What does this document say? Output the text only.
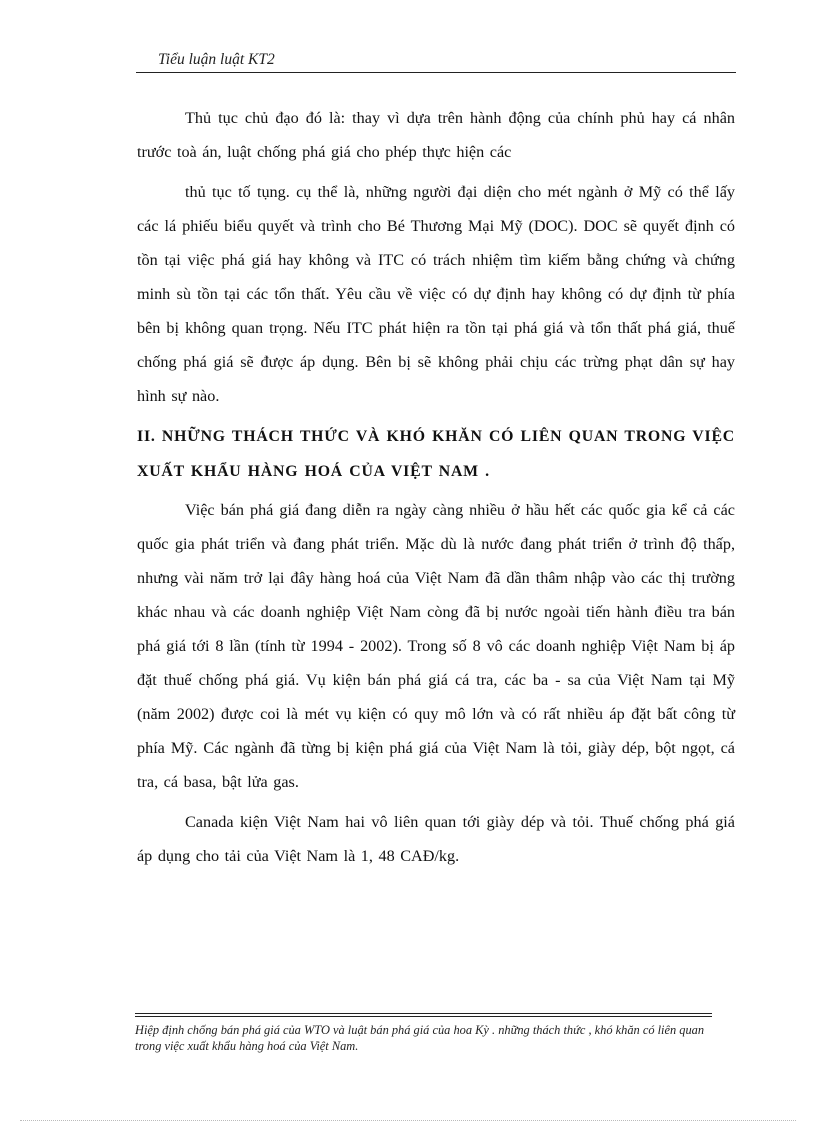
Tiểu luận luật KT2

Thủ tục chủ đạo đó là: thay vì dựa trên hành động của chính phủ hay cá nhân trước toà án, luật chống phá giá cho phép thực hiện các

thủ tục tố tụng. cụ thể là, những người đại diện cho mét ngành ở Mỹ có thể lấy các lá phiếu biểu quyết và trình cho Bé Thương Mại Mỹ (DOC). DOC sẽ quyết định có tồn tại việc phá giá hay không và ITC có trách nhiệm tìm kiếm bằng chứng và chứng minh sù tồn tại các tổn thất. Yêu cầu về việc có dự định hay không có dự định từ phía bên bị không quan trọng. Nếu ITC phát hiện ra tồn tại phá giá và tổn thất phá giá, thuế chống phá giá sẽ được áp dụng. Bên bị sẽ không phải chịu các trừng phạt dân sự hay hình sự nào.

II. NHỮNG THÁCH THỨC VÀ KHÓ KHĂN CÓ LIÊN QUAN TRONG VIỆC XUẤT KHẨU HÀNG HOÁ CỦA VIỆT NAM .

Việc bán phá giá đang diễn ra ngày càng nhiều ở hầu hết các quốc gia kể cả các quốc gia phát triển và đang phát triển. Mặc dù là nước đang phát triển ở trình độ thấp, nhưng vài năm trở lại đây hàng hoá của Việt Nam đã dần thâm nhập vào các thị trường khác nhau và các doanh nghiệp Việt Nam còng đã bị nước ngoài tiến hành điều tra bán phá giá tới 8 lần (tính từ 1994 - 2002). Trong số 8 vô các doanh nghiệp Việt Nam bị áp đặt thuế chống phá giá. Vụ kiện bán phá giá cá tra, các ba - sa của Việt Nam tại Mỹ (năm 2002) được coi là mét vụ kiện có quy mô lớn và có rất nhiều áp đặt bất công từ phía Mỹ. Các ngành đã từng bị kiện phá giá của Việt Nam là tỏi, giày dép, bột ngọt, cá tra, cá basa, bật lửa gas.

Canada kiện Việt Nam hai vô liên quan tới giày dép và tỏi. Thuế chống phá giá áp dụng cho tải của Việt Nam là 1, 48 CAĐ/kg.

Hiệp định chống bán phá giá của WTO và luật bán phá giá của hoa Kỳ . những thách thức , khó khăn có liên quan trong việc xuất khẩu hàng hoá của Việt Nam.
